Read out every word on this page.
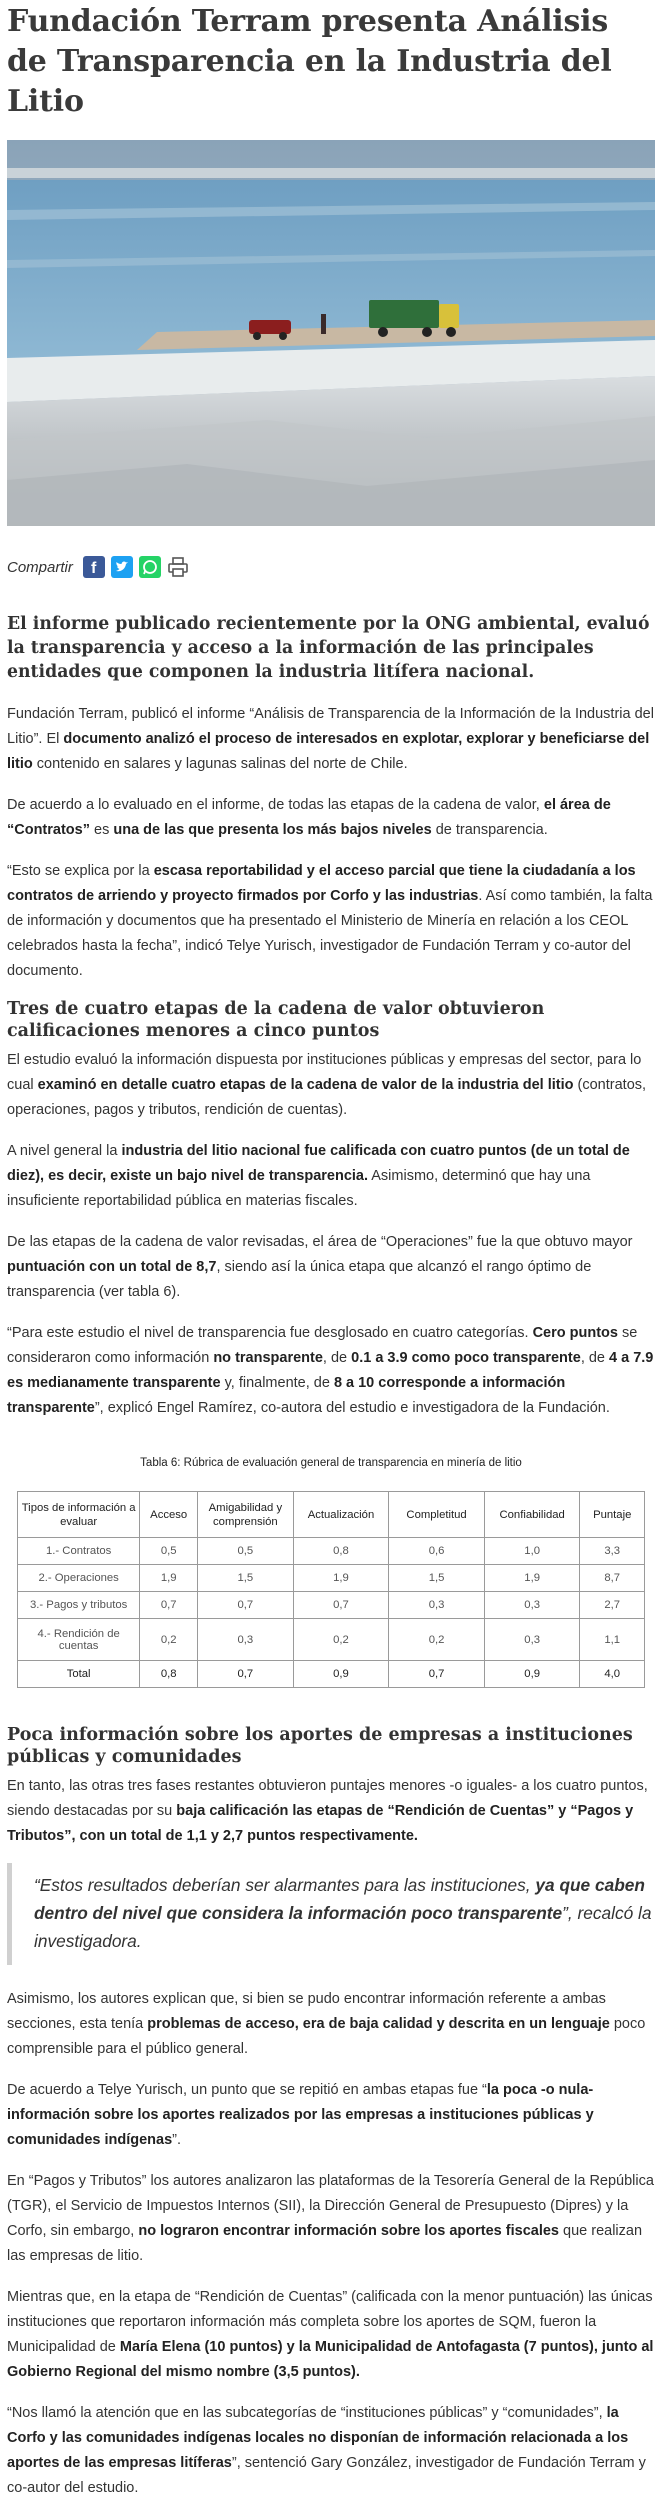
Fundación Terram presenta Análisis de Transparencia en la Industria del Litio
Compartir f

El informe publicado recientemente por la ONG ambiental, evaluó la transparencia y acceso a la información de las principales entidades que componen la industria litífera nacional.

Fundación Terram, publicó el informe “Análisis de Transparencia de la Información de la Industria del Litio”. El documento analizó el proceso de interesados en explotar, explorar y beneficiarse del litio contenido en salares y lagunas salinas del norte de Chile.

De acuerdo a lo evaluado en el informe, de todas las etapas de la cadena de valor, el área de “Contratos” es una de las que presenta los más bajos niveles de transparencia.

“Esto se explica por la escasa reportabilidad y el acceso parcial que tiene la ciudadanía a los contratos de arriendo y proyecto firmados por Corfo y las industrias. Así como también, la falta de información y documentos que ha presentado el Ministerio de Minería en relación a los CEOL celebrados hasta la fecha”, indicó Telye Yurisch, investigador de Fundación Terram y co-autor del documento.

Tres de cuatro etapas de la cadena de valor obtuvieron calificaciones menores a cinco puntos

El estudio evaluó la información dispuesta por instituciones públicas y empresas del sector, para lo cual examinó en detalle cuatro etapas de la cadena de valor de la industria del litio (contratos, operaciones, pagos y tributos, rendición de cuentas).

A nivel general la industria del litio nacional fue calificada con cuatro puntos (de un total de diez), es decir, existe un bajo nivel de transparencia. Asimismo, determinó que hay una insuficiente reportabilidad pública en materias fiscales.

De las etapas de la cadena de valor revisadas, el área de “Operaciones” fue la que obtuvo mayor puntuación con un total de 8,7, siendo así la única etapa que alcanzó el rango óptimo de transparencia (ver tabla 6).

“Para este estudio el nivel de transparencia fue desglosado en cuatro categorías. Cero puntos se consideraron como información no transparente, de 0.1 a 3.9 como poco transparente, de 4 a 7.9 es medianamente transparente y, finalmente, de 8 a 10 corresponde a información transparente”, explicó Engel Ramírez, co-autora del estudio e investigadora de la Fundación.

Tabla 6: Rúbrica de evaluación general de transparencia en minería de litio
Tipos de información a evaluar	Acceso	Amigabilidad y comprensión	Actualización	Completitud	Confiabilidad	Puntaje
1.- Contratos	0,5	0,5	0,8	0,6	1,0	3,3
2.- Operaciones	1,9	1,5	1,9	1,5	1,9	8,7
3.- Pagos y tributos	0,7	0,7	0,7	0,3	0,3	2,7
4.- Rendición de cuentas	0,2	0,3	0,2	0,2	0,3	1,1
Total	0,8	0,7	0,9	0,7	0,9	4,0
Poca información sobre los aportes de empresas a instituciones públicas y comunidades

En tanto, las otras tres fases restantes obtuvieron puntajes menores -o iguales- a los cuatro puntos, siendo destacadas por su baja calificación las etapas de “Rendición de Cuentas” y “Pagos y Tributos”, con un total de 1,1 y 2,7 puntos respectivamente.

“Estos resultados deberían ser alarmantes para las instituciones, ya que caben dentro del nivel que considera la información poco transparente”, recalcó la investigadora.

Asimismo, los autores explican que, si bien se pudo encontrar información referente a ambas secciones, esta tenía problemas de acceso, era de baja calidad y descrita en un lenguaje poco comprensible para el público general.

De acuerdo a Telye Yurisch, un punto que se repitió en ambas etapas fue “la poca -o nula- información sobre los aportes realizados por las empresas a instituciones públicas y comunidades indígenas”.

En “Pagos y Tributos” los autores analizaron las plataformas de la Tesorería General de la República (TGR), el Servicio de Impuestos Internos (SII), la Dirección General de Presupuesto (Dipres) y la Corfo, sin embargo, no lograron encontrar información sobre los aportes fiscales que realizan las empresas de litio.

Mientras que, en la etapa de “Rendición de Cuentas” (calificada con la menor puntuación) las únicas instituciones que reportaron información más completa sobre los aportes de SQM, fueron la Municipalidad de María Elena (10 puntos) y la Municipalidad de Antofagasta (7 puntos), junto al Gobierno Regional del mismo nombre (3,5 puntos).

“Nos llamó la atención que en las subcategorías de “instituciones públicas” y “comunidades”, la Corfo y las comunidades indígenas locales no disponían de información relacionada a los aportes de las empresas litíferas”, sentenció Gary González, investigador de Fundación Terram y co-autor del estudio.
